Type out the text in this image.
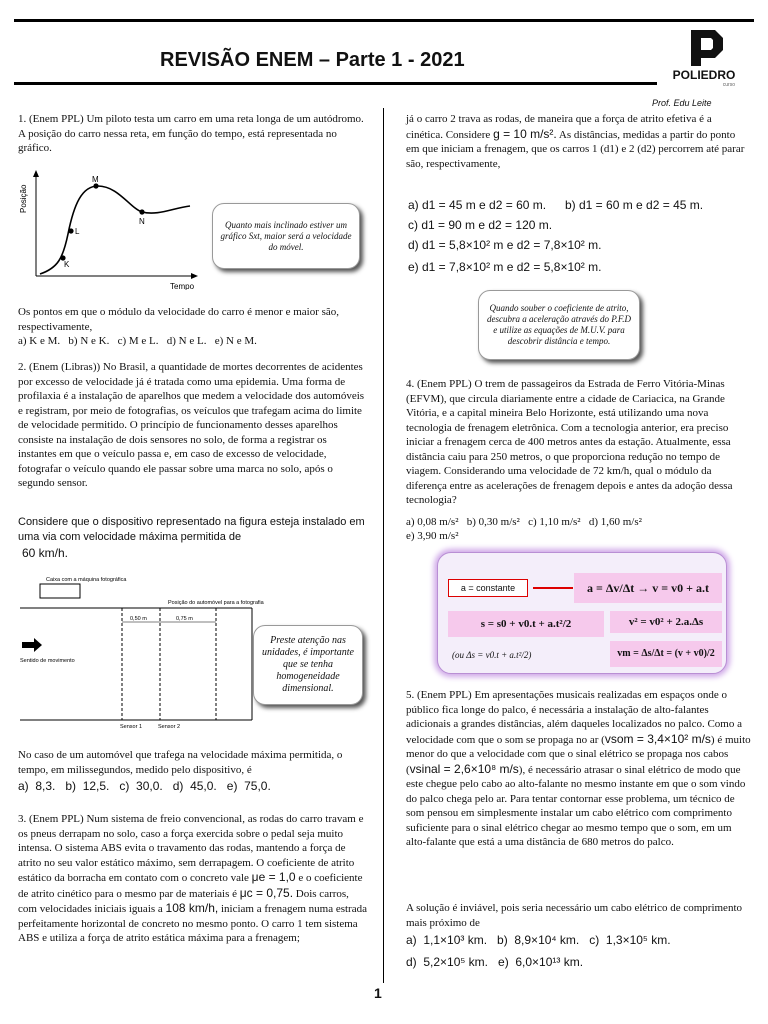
REVISÃO ENEM – Parte 1 - 2021
POLIEDRO
curso
Prof. Edu Leite
1. (Enem PPL) Um piloto testa um carro em uma reta longa de um autódromo. A posição do carro nessa reta, em função do tempo, está representada no gráfico.
Posição
Tempo
K
L
M
N	Quanto mais inclinado estiver um gráfico Sxt, maior será a velocidade do móvel.
Os pontos em que o módulo da velocidade do carro é menor e maior são, respectivamente,
a) K e M.   b) N e K.   c) M e L.   d) N e L.   e) N e M.
2. (Enem (Libras)) No Brasil, a quantidade de mortes decorrentes de acidentes por excesso de velocidade já é tratada como uma epidemia. Uma forma de profilaxia é a instalação de aparelhos que medem a velocidade dos automóveis e registram, por meio de fotografias, os veículos que trafegam acima do limite de velocidade permitido. O princípio de funcionamento desses aparelhos consiste na instalação de dois sensores no solo, de forma a registrar os instantes em que o veículo passa e, em caso de excesso de velocidade, fotografar o veículo quando ele passar sobre uma marca no solo, após o segundo sensor.
Considere que o dispositivo representado na figura esteja instalado em uma via com velocidade máxima permitida de
60 km/h.
Caixa com a máquina fotográfica
Posição do automóvel para a fotografia
0,50 m	0,75 m
Sentido de movimento
Sensor 1	Sensor 2
Preste atenção nas unidades, é importante que se tenha homogeneidade dimensional.
No caso de um automóvel que trafega na velocidade máxima permitida, o tempo, em milissegundos, medido pelo dispositivo, é
a)  8,3.   b)  12,5.   c)  30,0.   d)  45,0.   e)  75,0.
3. (Enem PPL) Num sistema de freio convencional, as rodas do carro travam e os pneus derrapam no solo, caso a força exercida sobre o pedal seja muito intensa. O sistema ABS evita o travamento das rodas, mantendo a força de atrito no seu valor estático máximo, sem derrapagem. O coeficiente de atrito estático da borracha em contato com o concreto vale μe = 1,0 e o coeficiente de atrito cinético para o mesmo par de materiais é μc = 0,75. Dois carros, com velocidades iniciais iguais a 108 km/h, iniciam a frenagem numa estrada perfeitamente horizontal de concreto no mesmo ponto. O carro 1 tem sistema ABS e utiliza a força de atrito estática máxima para a frenagem;
já o carro 2 trava as rodas, de maneira que a força de atrito efetiva é a cinética. Considere g = 10 m/s². As distâncias, medidas a partir do ponto em que iniciam a frenagem, que os carros 1 (d1) e 2 (d2) percorrem até parar são, respectivamente,
a) d1 = 45 m e d2 = 60 m.	b) d1 = 60 m e d2 = 45 m.
c) d1 = 90 m e d2 = 120 m.
d) d1 = 5,8×10² m e d2 = 7,8×10² m.
e) d1 = 7,8×10² m e d2 = 5,8×10² m.
Quando souber o coeficiente de atrito, descubra a aceleração através do P.F.D e utilize as equações de M.U.V. para descobrir distância e tempo.
4. (Enem PPL) O trem de passageiros da Estrada de Ferro Vitória-Minas (EFVM), que circula diariamente entre a cidade de Cariacica, na Grande Vitória, e a capital mineira Belo Horizonte, está utilizando uma nova tecnologia de frenagem eletrônica. Com a tecnologia anterior, era preciso iniciar a frenagem cerca de 400 metros antes da estação. Atualmente, essa distância caiu para 250 metros, o que proporciona redução no tempo de viagem. Considerando uma velocidade de 72 km/h, qual o módulo da diferença entre as acelerações de frenagem depois e antes da adoção dessa tecnologia?
a) 0,08 m/s²   b) 0,30 m/s²   c) 1,10 m/s²   d) 1,60 m/s²
e) 3,90 m/s²
a = constante	a = Δv/Δt → v = v0 + a.t
s = s0 + v0.t + a.t²/2	v² = v0² + 2.a.Δs
(ou Δs = v0.t + a.t²/2)	vm = Δs/Δt = (v + v0)/2
5. (Enem PPL) Em apresentações musicais realizadas em espaços onde o público fica longe do palco, é necessária a instalação de alto-falantes adicionais a grandes distâncias, além daqueles localizados no palco. Como a velocidade com que o som se propaga no ar (vsom = 3,4×10² m/s) é muito menor do que a velocidade com que o sinal elétrico se propaga nos cabos (vsinal = 2,6×10⁸ m/s), é necessário atrasar o sinal elétrico de modo que este chegue pelo cabo ao alto-falante no mesmo instante em que o som vindo do palco chega pelo ar. Para tentar contornar esse problema, um técnico de som pensou em simplesmente instalar um cabo elétrico com comprimento suficiente para o sinal elétrico chegar ao mesmo tempo que o som, em um alto-falante que está a uma distância de 680 metros do palco.
A solução é inviável, pois seria necessário um cabo elétrico de comprimento mais próximo de
a)  1,1×10³ km.   b)  8,9×10⁴ km.   c)  1,3×10⁵ km.
d)  5,2×10⁵ km.   e)  6,0×10¹³ km.
1
